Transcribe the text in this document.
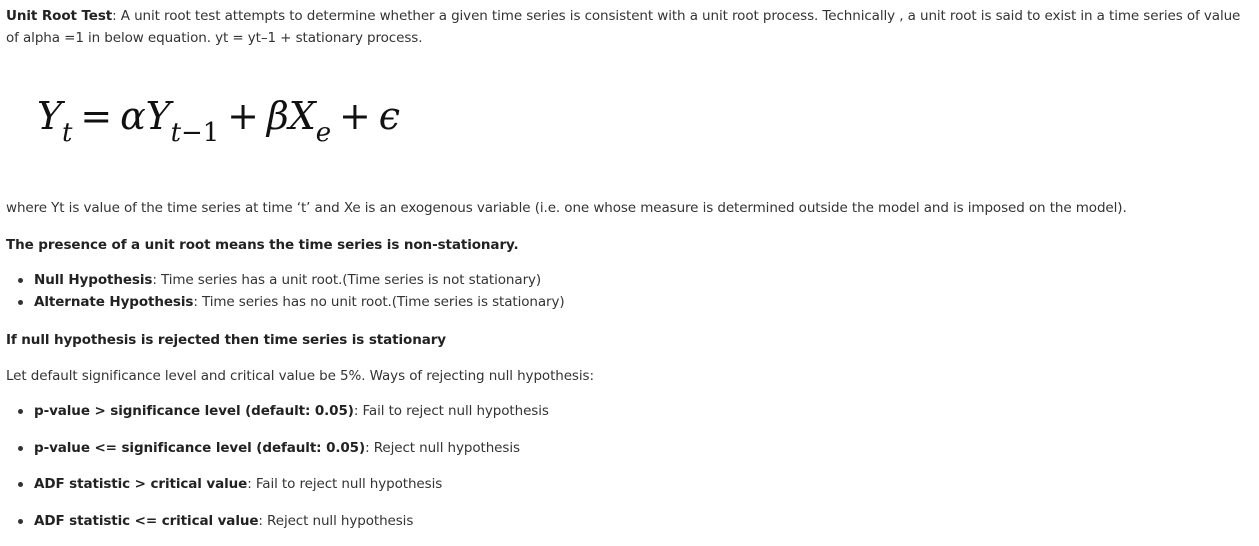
Unit Root Test: A unit root test attempts to determine whether a given time series is consistent with a unit root process. Technically , a unit root is said to exist in a time series of value of alpha =1 in below equation. yt = yt–1 + stationary process.

$Y_t = \alpha Y_{t-1} + \beta X_e + \epsilon$

where Yt is value of the time series at time ‘t’ and Xe is an exogenous variable (i.e. one whose measure is determined outside the model and is imposed on the model).

The presence of a unit root means the time series is non-stationary.

Null Hypothesis: Time series has a unit root.(Time series is not stationary)
Alternate Hypothesis: Time series has no unit root.(Time series is stationary)

If null hypothesis is rejected then time series is stationary

Let default significance level and critical value be 5%. Ways of rejecting null hypothesis:

p-value > significance level (default: 0.05): Fail to reject null hypothesis
p-value <= significance level (default: 0.05): Reject null hypothesis
ADF statistic > critical value: Fail to reject null hypothesis
ADF statistic <= critical value: Reject null hypothesis
